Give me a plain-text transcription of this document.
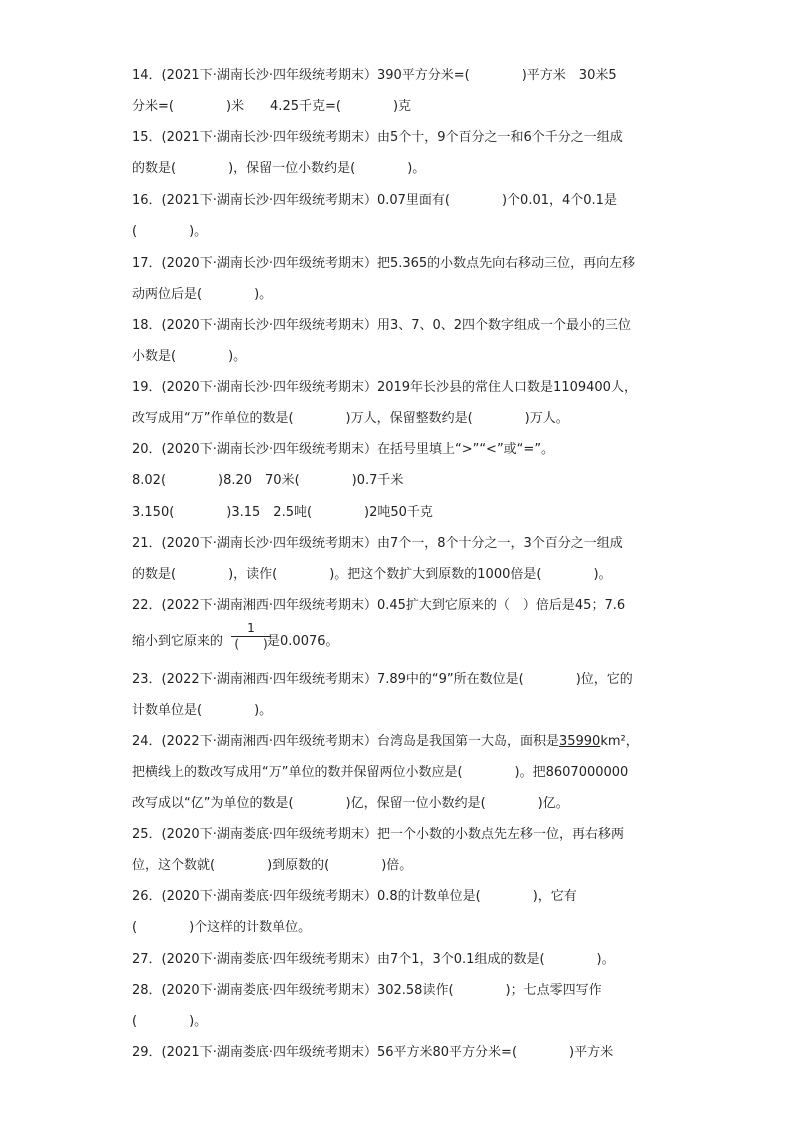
14．(2021下·湖南长沙·四年级统考期末）390平方分米=(　　　　)平方米　30米5
分米=(　　　　)米　　4.25千克=(　　　　)克
15．(2021下·湖南长沙·四年级统考期末）由5个十，9个百分之一和6个千分之一组成
的数是(　　　　)，保留一位小数约是(　　　　)。
16．(2021下·湖南长沙·四年级统考期末）0.07里面有(　　　　)个0.01，4个0.1是
(　　　　)。
17．(2020下·湖南长沙·四年级统考期末）把5.365的小数点先向右移动三位，再向左移
动两位后是(　　　　)。
18．(2020下·湖南长沙·四年级统考期末）用3、7、0、2四个数字组成一个最小的三位
小数是(　　　　)。
19．(2020下·湖南长沙·四年级统考期末）2019年长沙县的常住人口数是1109400人，
改写成用“万”作单位的数是(　　　　)万人，保留整数约是(　　　　)万人。
20．(2020下·湖南长沙·四年级统考期末）在括号里填上“>”“<”或“=”。
8.02(　　　　)8.20　70米(　　　　)0.7千米
3.150(　　　　)3.15　2.5吨(　　　　)2吨50千克
21．(2020下·湖南长沙·四年级统考期末）由7个一，8个十分之一，3个百分之一组成
的数是(　　　　)，读作(　　　　)。把这个数扩大到原数的1000倍是(　　　　)。
22．(2022下·湖南湘西·四年级统考期末）0.45扩大到它原来的（　）倍后是45；7.6
缩小到它原来的	是0.0076。
1
(　　)
23．(2022下·湖南湘西·四年级统考期末）7.89中的“9”所在数位是(　　　　)位，它的
计数单位是(　　　　)。
24．(2022下·湖南湘西·四年级统考期末）台湾岛是我国第一大岛，面积是35990km²，
把横线上的数改写成用“万”单位的数并保留两位小数应是(　　　　)。把8607000000
改写成以“亿”为单位的数是(　　　　)亿，保留一位小数约是(　　　　)亿。
25．(2020下·湖南娄底·四年级统考期末）把一个小数的小数点先左移一位，再右移两
位，这个数就(　　　　)到原数的(　　　　)倍。
26．(2020下·湖南娄底·四年级统考期末）0.8的计数单位是(　　　　)，它有
(　　　　)个这样的计数单位。
27．(2020下·湖南娄底·四年级统考期末）由7个1，3个0.1组成的数是(　　　　)。
28．(2020下·湖南娄底·四年级统考期末）302.58读作(　　　　)；七点零四写作
(　　　　)。
29．(2021下·湖南娄底·四年级统考期末）56平方米80平方分米=(　　　　)平方米
